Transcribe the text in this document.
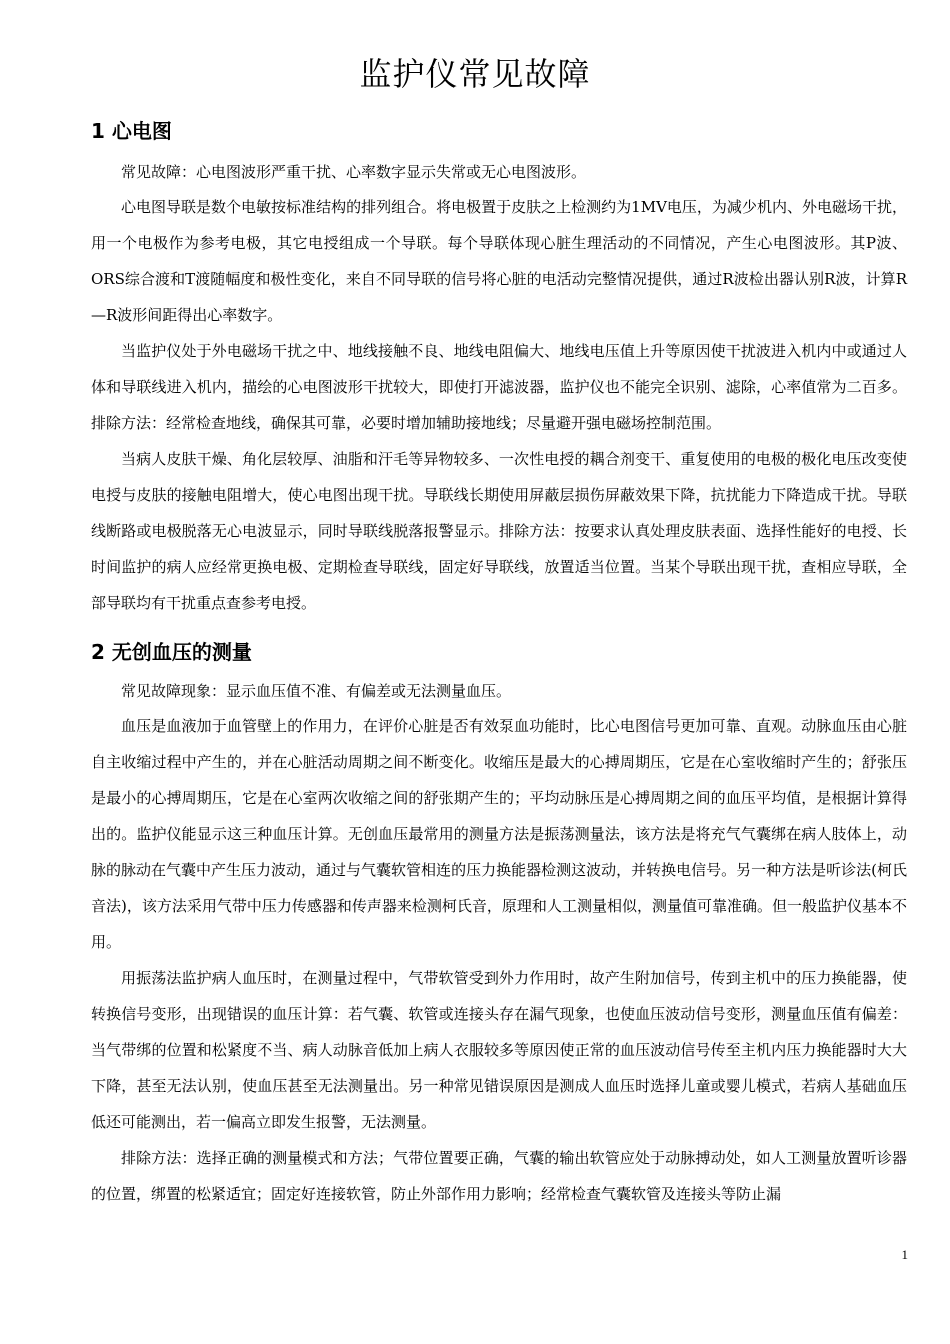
监护仪常见故障
1 心电图

常见故障：心电图波形严重干扰、心率数字显示失常或无心电图波形。

心电图导联是数个电敏按标准结构的排列组合。将电极置于皮肤之上检测约为1MV电压，为减少机内、外电磁场干扰，用一个电极作为参考电极，其它电授组成一个导联。每个导联体现心脏生理活动的不同情况，产生心电图波形。其P波、ORS综合渡和T渡随幅度和极性变化，来自不同导联的信号将心脏的电活动完整情况提供，通过R波检出器认别R波，计算R—R波形间距得出心率数字。

当监护仪处于外电磁场干扰之中、地线接触不良、地线电阻偏大、地线电压值上升等原因使干扰波进入机内中或通过人体和导联线进入机内，描绘的心电图波形干扰较大，即使打开滤波器，监护仪也不能完全识别、滤除，心率值常为二百多。排除方法：经常检查地线，确保其可靠，必要时增加辅助接地线；尽量避开强电磁场控制范围。

当病人皮肤干燥、角化层较厚、油脂和汗毛等异物较多、一次性电授的耦合剂变干、重复使用的电极的极化电压改变使电授与皮肤的接触电阻增大，使心电图出现干扰。导联线长期使用屏蔽层损伤屏蔽效果下降，抗扰能力下降造成干扰。导联线断路或电极脱落无心电波显示，同时导联线脱落报警显示。排除方法：按要求认真处理皮肤表面、选择性能好的电授、长时间监护的病人应经常更换电极、定期检查导联线，固定好导联线，放置适当位置。当某个导联出现干扰，查相应导联，全部导联均有干扰重点查参考电授。

2 无创血压的测量

常见故障现象：显示血压值不准、有偏差或无法测量血压。

血压是血液加于血管壁上的作用力，在评价心脏是否有效泵血功能时，比心电图信号更加可靠、直观。动脉血压由心脏自主收缩过程中产生的，并在心脏活动周期之间不断变化。收缩压是最大的心搏周期压，它是在心室收缩时产生的；舒张压是最小的心搏周期压，它是在心室两次收缩之间的舒张期产生的；平均动脉压是心搏周期之间的血压平均值，是根据计算得出的。监护仪能显示这三种血压计算。无创血压最常用的测量方法是振荡测量法，该方法是将充气气囊绑在病人肢体上，动脉的脉动在气囊中产生压力波动，通过与气囊软管相连的压力换能器检测这波动，并转换电信号。另一种方法是听诊法(柯氏音法)，该方法采用气带中压力传感器和传声器来检测柯氏音，原理和人工测量相似，测量值可靠准确。但一般监护仪基本不用。

用振荡法监护病人血压时，在测量过程中，气带软管受到外力作用时，故产生附加信号，传到主机中的压力换能器，使转换信号变形，出现错误的血压计算：若气囊、软管或连接头存在漏气现象，也使血压波动信号变形，测量血压值有偏差：当气带绑的位置和松紧度不当、病人动脉音低加上病人衣服较多等原因使正常的血压波动信号传至主机内压力换能器时大大下降，甚至无法认别，使血压甚至无法测量出。另一种常见错误原因是测成人血压时选择儿童或婴儿模式，若病人基础血压低还可能测出，若一偏高立即发生报警，无法测量。

排除方法：选择正确的测量模式和方法；气带位置要正确，气囊的输出软管应处于动脉搏动处，如人工测量放置听诊器的位置，绑置的松紧适宜；固定好连接软管，防止外部作用力影响；经常检查气囊软管及连接头等防止漏

1
